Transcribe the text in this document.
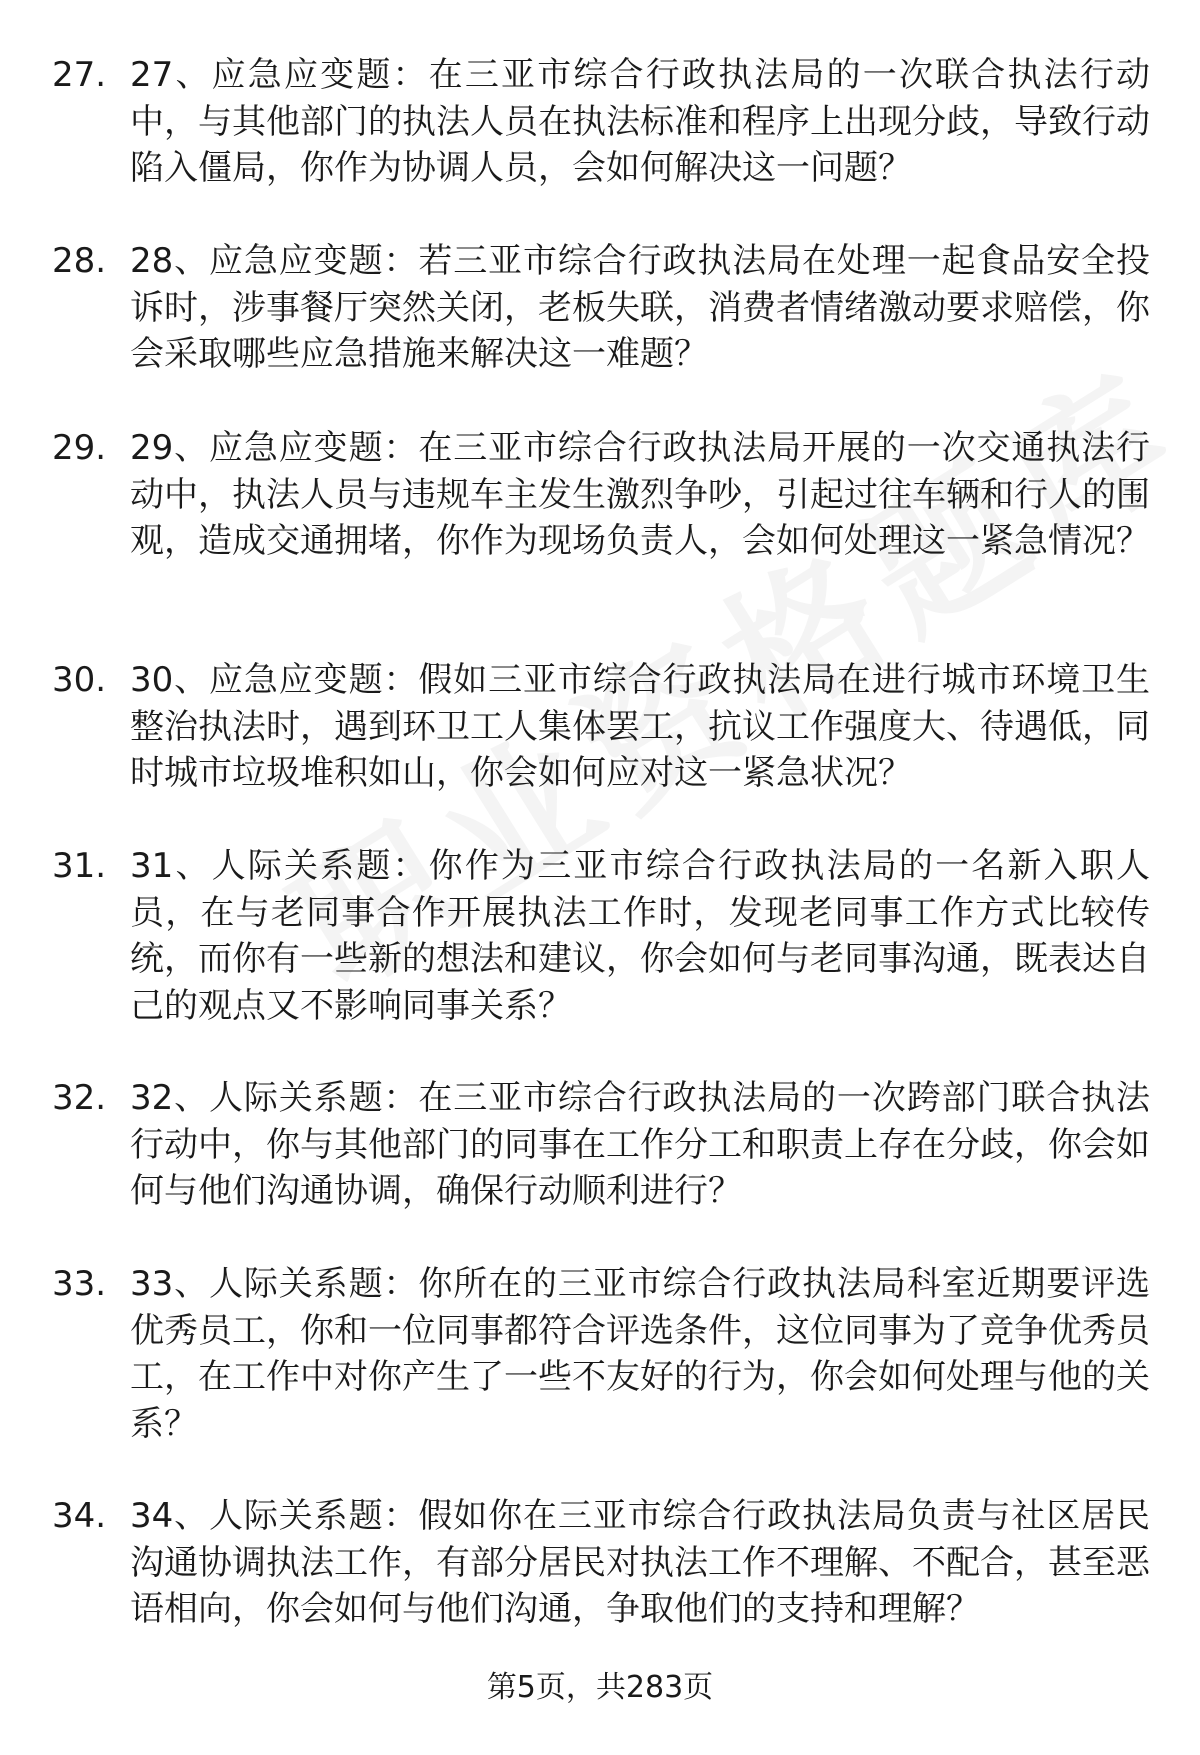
27. 27、应急应变题：在三亚市综合行政执法局的一次联合执法行动中，与其他部门的执法人员在执法标准和程序上出现分歧，导致行动陷入僵局，你作为协调人员，会如何解决这一问题？
28. 28、应急应变题：若三亚市综合行政执法局在处理一起食品安全投诉时，涉事餐厅突然关闭，老板失联，消费者情绪激动要求赔偿，你会采取哪些应急措施来解决这一难题？
29. 29、应急应变题：在三亚市综合行政执法局开展的一次交通执法行动中，执法人员与违规车主发生激烈争吵，引起过往车辆和行人的围观，造成交通拥堵，你作为现场负责人，会如何处理这一紧急情况？
30. 30、应急应变题：假如三亚市综合行政执法局在进行城市环境卫生整治执法时，遇到环卫工人集体罢工，抗议工作强度大、待遇低，同时城市垃圾堆积如山，你会如何应对这一紧急状况？
31. 31、人际关系题：你作为三亚市综合行政执法局的一名新入职人员，在与老同事合作开展执法工作时，发现老同事工作方式比较传统，而你有一些新的想法和建议，你会如何与老同事沟通，既表达自己的观点又不影响同事关系？
32. 32、人际关系题：在三亚市综合行政执法局的一次跨部门联合执法行动中，你与其他部门的同事在工作分工和职责上存在分歧，你会如何与他们沟通协调，确保行动顺利进行？
33. 33、人际关系题：你所在的三亚市综合行政执法局科室近期要评选优秀员工，你和一位同事都符合评选条件，这位同事为了竞争优秀员工，在工作中对你产生了一些不友好的行为，你会如何处理与他的关系？
34. 34、人际关系题：假如你在三亚市综合行政执法局负责与社区居民沟通协调执法工作，有部分居民对执法工作不理解、不配合，甚至恶语相向，你会如何与他们沟通，争取他们的支持和理解？
第5页，共283页
